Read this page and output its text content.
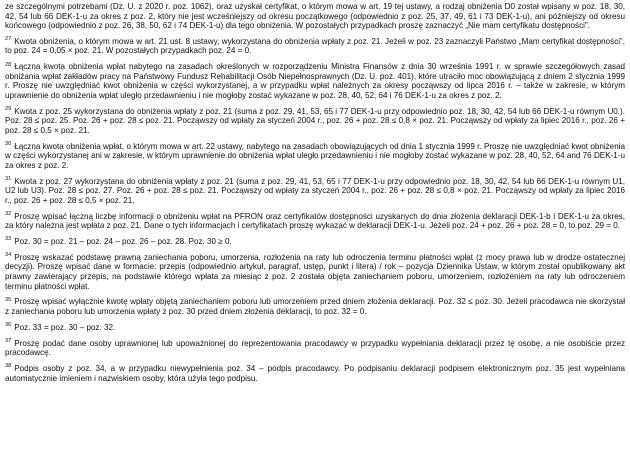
ze szczególnymi potrzebami (Dz. U. z 2020 r. poz. 1062), oraz uzyskał certyfikat, o którym mowa w art. 19 tej ustawy, a rodzaj obniżenia D0 został wpisany w poz. 18, 30, 42, 54 lub 66 DEK-1-u za okres z poz. 2, który nie jest wcześniejszy od okresu początkowego (odpowiednio z poz. 25, 37, 49, 61 i 73 DEK-1-u), ani późniejszy od okresu końcowego (odpowiednio z poz. 26, 38, 50, 62 i 74 DEK-1-u) dla tego obniżenia. W pozostałych przypadkach proszę zaznaczyć „Nie mam certyfikatu dostępności”.

$^{27}$ Kwota obniżenia, o którym mowa w art. 21 ust. 8 ustawy, wykorzystana do obniżenia wpłaty z poz. 21. Jeżeli w poz. 23 zaznaczyli Państwo „Mam certyfikat dostępności”, to poz. 24 = 0,05 × poz. 21. W pozostałych przypadkach poz. 24 = 0.

$^{28}$ Łączna kwota obniżenia wpłat nabytego na zasadach określonych w rozporządzeniu Ministra Finansów z dnia 30 września 1991 r. w sprawie szczegółowych zasad obniżania wpłat zakładów pracy na Państwowy Fundusz Rehabilitacji Osób Niepełnosprawnych (Dz. U. poz. 401), które utraciło moc obowiązującą z dniem 2 stycznia 1999 r. Proszę nie uwzględniać kwot obniżenia w części wykorzystanej, a w przypadku wpłat należnych za okresy począwszy od lipca 2016 r. – także w zakresie, w którym uprawnienie do obniżenia wpłat uległo przedawnieniu i nie mogłoby zostać wykazane w poz. 28, 40, 52, 64 i 76 DEK-1-u za okres z poz. 2.

$^{29}$ Kwota z poz. 25 wykorzystana do obniżenia wpłaty z poz. 21 (suma z poz. 29, 41, 53, 65 i 77 DEK-1-u przy odpowiednio poz. 18, 30, 42, 54 lub 66 DEK-1-u równym U0.). Poz. 28 ≤ poz. 25. Poz. 26 + poz. 28 ≤ poz. 21. Począwszy od wpłaty za styczeń 2004 r., poz. 26 + poz. 28 ≤ 0,8 × poz. 21. Począwszy od wpłaty za lipiec 2016 r., poz. 26 + poz. 28 ≤ 0,5 × poz. 21.

$^{30}$ Łączna kwota obniżenia wpłat, o którym mowa w art. 22 ustawy, nabytego na zasadach obowiązujących od dnia 1 stycznia 1999 r. Proszę nie uwzględniać kwot obniżenia w części wykorzystanej ani w zakresie, w którym uprawnienie do obniżenia wpłat uległo przedawnieniu i nie mogłoby zostać wykazane w poz. 28, 40, 52, 64 and 76 DEK-1-u za okres z poz. 2.

$^{31}$ Kwota z poz. 27 wykorzystana do obniżenia wpłaty z poz. 21 (suma z poz. 29, 41, 53, 65 i 77 DEK-1-u przy odpowiednio poz. 18, 30, 42, 54 lub 66 DEK-1-u równym U1, U2 lub U3). Poz. 28 ≤ poz. 27. Poz. 26 + poz. 28 ≤ poz. 21. Począwszy od wpłaty za styczeń 2004 r., poz. 26 + poz. 28 ≤ 0,8 × poz. 21. Począwszy od wpłaty za lipiec 2016 r., poz. 26 + poz. 28 ≤ 0,5 × poz. 21.

$^{32}$ Proszę wpisać łączną liczbę informacji o obniżeniu wpłat na PFRON oraz certyfikatów dostępności uzyskanych do dnia złożenia deklaracji DEK-1-b i DEK-1-u za okres, za który należna jest wpłata z poz. 21. Dane o tych informacjach i certyfikatach proszę wykazać w deklaracji DEK-1-u. Jeżeli poz. 24 + poz. 26 + poz. 28 = 0, to poz. 29 = 0.

$^{33}$ Poz. 30 = poz. 21 – poz. 24 – poz. 26 – poz. 28. Poz. 30 ≥ 0.

$^{34}$ Proszę wskazać podstawę prawną zaniechania poboru, umorzenia, rozłożenia na raty lub odroczenia terminu płatności wpłat (z mocy prawa lub w drodze ostatecznej decyzji). Proszę wpisać dane w formacie: przepis (odpowiednio artykuł, paragraf, ustęp, punkt i litera) / rok – pozycja Dziennika Ustaw, w którym został opublikowany akt prawny zawierający przepis, na podstawie którego wpłata za miesiąc z poz. 2 została objęta zaniechaniem poboru, umorzeniem, rozłożeniem na raty lub odroczeniem terminu płatności wpłat.

$^{35}$ Proszę wpisać wyłącznie kwotę wpłaty objętą zaniechaniem poboru lub umorzeniem przed dniem złożenia deklaracji. Poz. 32 ≤ poz. 30. Jeżeli pracodawca nie skorzystał z zaniechania poboru lub umorzenia wpłaty z poz. 30 przed dniem złożenia deklaracji, to poz. 32 = 0.

$^{36}$ Poz. 33 = poz. 30 – poz. 32.

$^{37}$ Proszę podać dane osoby uprawnionej lub upoważnionej do reprezentowania pracodawcy w przypadku wypełniania deklaracji przez tę osobę, a nie osobiście przez pracodawcę.

$^{38}$ Podpis osoby z poz. 34, a w przypadku niewypełnienia poz. 34 – podpis pracodawcy. Po podpisaniu deklaracji podpisem elektronicznym poz. 35 jest wypełniana automatycznie imieniem i nazwiskiem osoby, która użyła tego podpisu.
